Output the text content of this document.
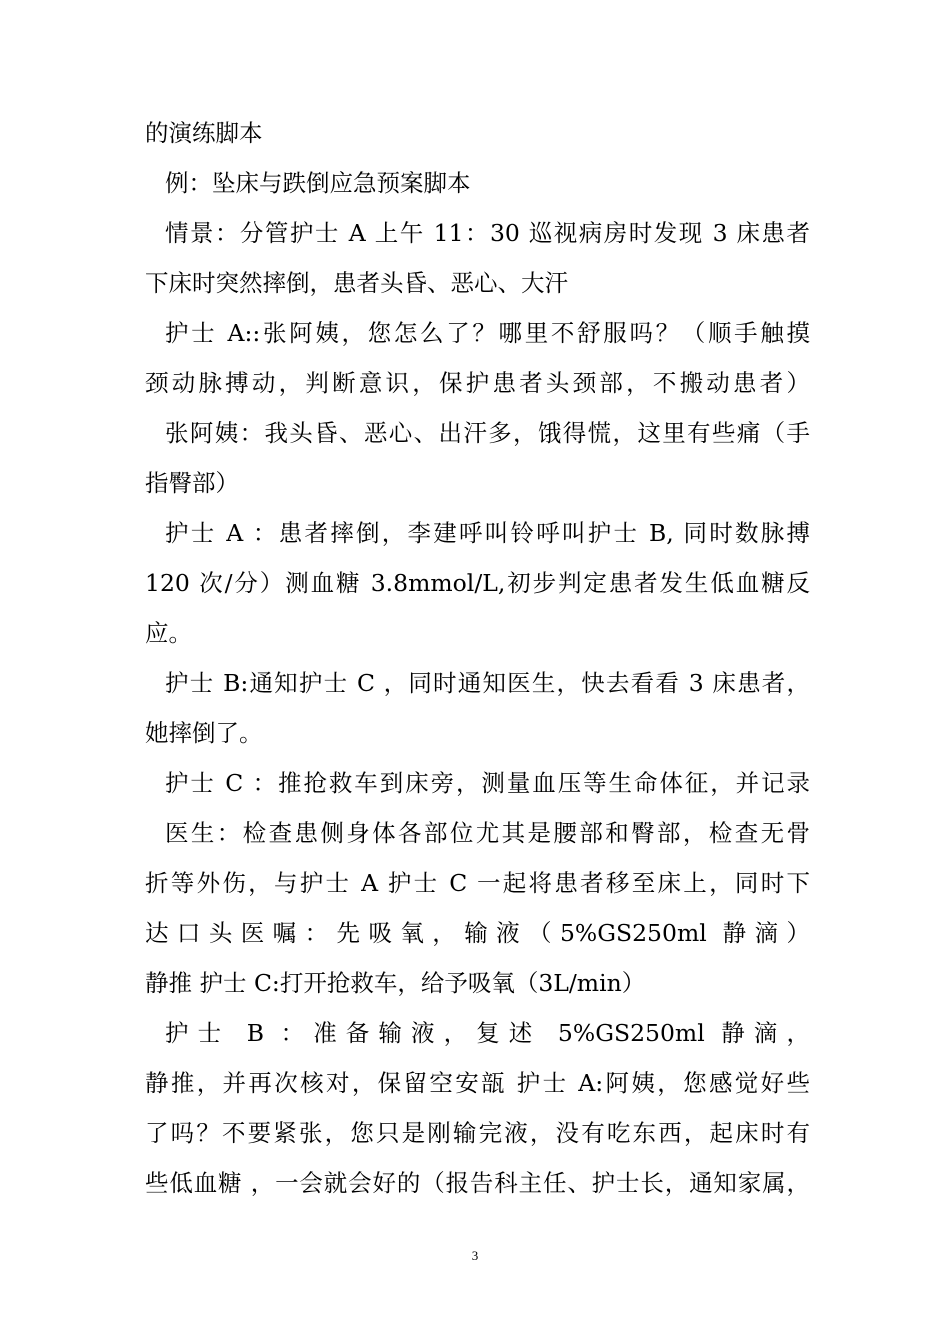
的演练脚本
例：坠床与跌倒应急预案脚本
情景：分管护士 A 上午 11：30 巡视病房时发现 3 床患者
下床时突然摔倒，患者头昏、恶心、大汗
护士 A::张阿姨，您怎么了？哪里不舒服吗？（顺手触摸
颈动脉搏动，判断意识，保护患者头颈部，不搬动患者）
张阿姨：我头昏、恶心、出汗多，饿得慌，这里有些痛（手
指臀部）
护士 A ：患者摔倒，李建呼叫铃呼叫护士 B, 同时数脉搏
120 次/分）测血糖 3.8mmol/L,初步判定患者发生低血糖反
应。
护士 B:通知护士 C ，同时通知医生，快去看看 3 床患者，
她摔倒了。
护士 C ：推抢救车到床旁，测量血压等生命体征，并记录
医生：检查患侧身体各部位尤其是腰部和臀部，检查无骨
折等外伤，与护士 A 护士 C 一起将患者移至床上，同时下
达口头医嘱：先吸氧，输液（5%GS250ml 静滴）
静推 护士 C:打开抢救车，给予吸氧（3L/min）
护士 B ：准备输液，复述 5%GS250ml 静滴，
静推，并再次核对，保留空安瓿 护士 A:阿姨，您感觉好些
了吗？不要紧张，您只是刚输完液，没有吃东西，起床时有
些低血糖 ，一会就会好的（报告科主任、护士长，通知家属，
3
